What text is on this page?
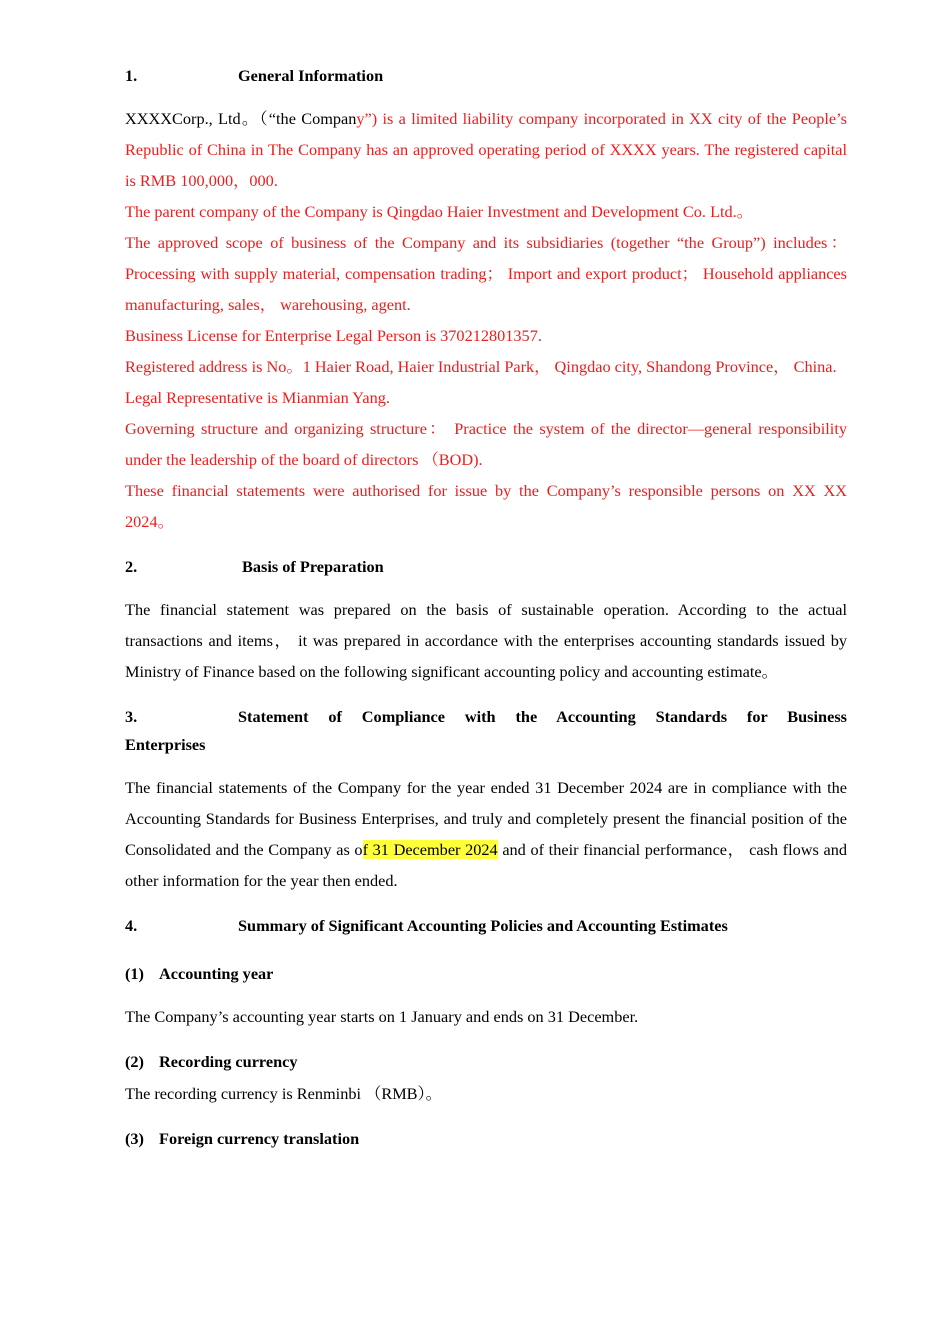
1.	General Information

XXXXCorp., Ltd。（“the Company”) is a limited liability company incorporated in XX city of the People’s Republic of China in The Company has an approved operating period of XXXX years. The registered capital is RMB 100,000，000.

The parent company of the Company is Qingdao Haier Investment and Development Co. Ltd.。

The approved scope of business of the Company and its subsidiaries (together “the Group”) includes： Processing with supply material, compensation trading； Import and export product； Household appliances manufacturing, sales， warehousing, agent.

Business License for Enterprise Legal Person is 370212801357.

Registered address is No。1 Haier Road, Haier Industrial Park， Qingdao city, Shandong Province， China.

Legal Representative is Mianmian Yang.

Governing structure and organizing structure： Practice the system of the director—general responsibility under the leadership of the board of directors （BOD).

These financial statements were authorised for issue by the Company’s responsible persons on XX XX 2024。

2.	Basis of Preparation

The financial statement was prepared on the basis of sustainable operation. According to the actual transactions and items， it was prepared in accordance with the enterprises accounting standards issued by Ministry of Finance based on the following significant accounting policy and accounting estimate。

3.	Statement of Compliance with the Accounting Standards for Business
Enterprises

The financial statements of the Company for the year ended 31 December 2024 are in compliance with the Accounting Standards for Business Enterprises, and truly and completely present the financial position of the Consolidated and the Company as of 31 December 2024 and of their financial performance， cash flows and other information for the year then ended.

4.	Summary of Significant Accounting Policies and Accounting Estimates
(1) Accounting year

The Company’s accounting year starts on 1 January and ends on 31 December.

(2) Recording currency

The recording currency is Renminbi （RMB）。

(3) Foreign currency translation
